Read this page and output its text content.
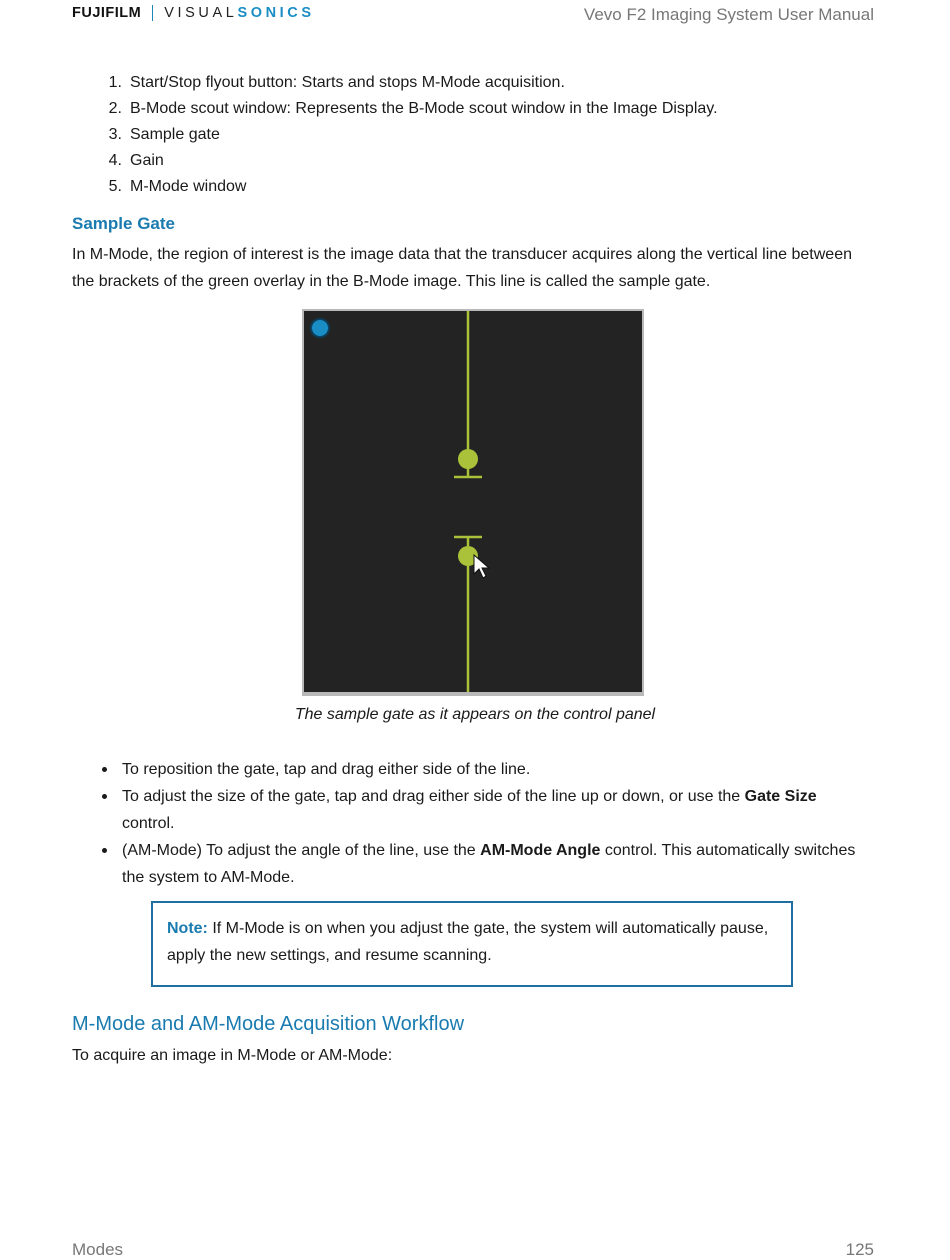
FUJIFILM VISUAL SONICS	Vevo F2 Imaging System User Manual
1. Start/Stop flyout button: Starts and stops M-Mode acquisition.
2. B-Mode scout window: Represents the B-Mode scout window in the Image Display.
3. Sample gate
4. Gain
5. M-Mode window
Sample Gate

In M-Mode, the region of interest is the image data that the transducer acquires along the vertical line between the brackets of the green overlay in the B-Mode image. This line is called the sample gate.

The sample gate as it appears on the control panel
To reposition the gate, tap and drag either side of the line.
To adjust the size of the gate, tap and drag either side of the line up or down, or use the Gate Size control.
(AM-Mode) To adjust the angle of the line, use the AM-Mode Angle control. This automatically switches the system to AM-Mode.
Note: If M-Mode is on when you adjust the gate, the system will automatically pause, apply the new settings, and resume scanning.
M-Mode and AM-Mode Acquisition Workflow
To acquire an image in M-Mode or AM-Mode:
Modes	125
